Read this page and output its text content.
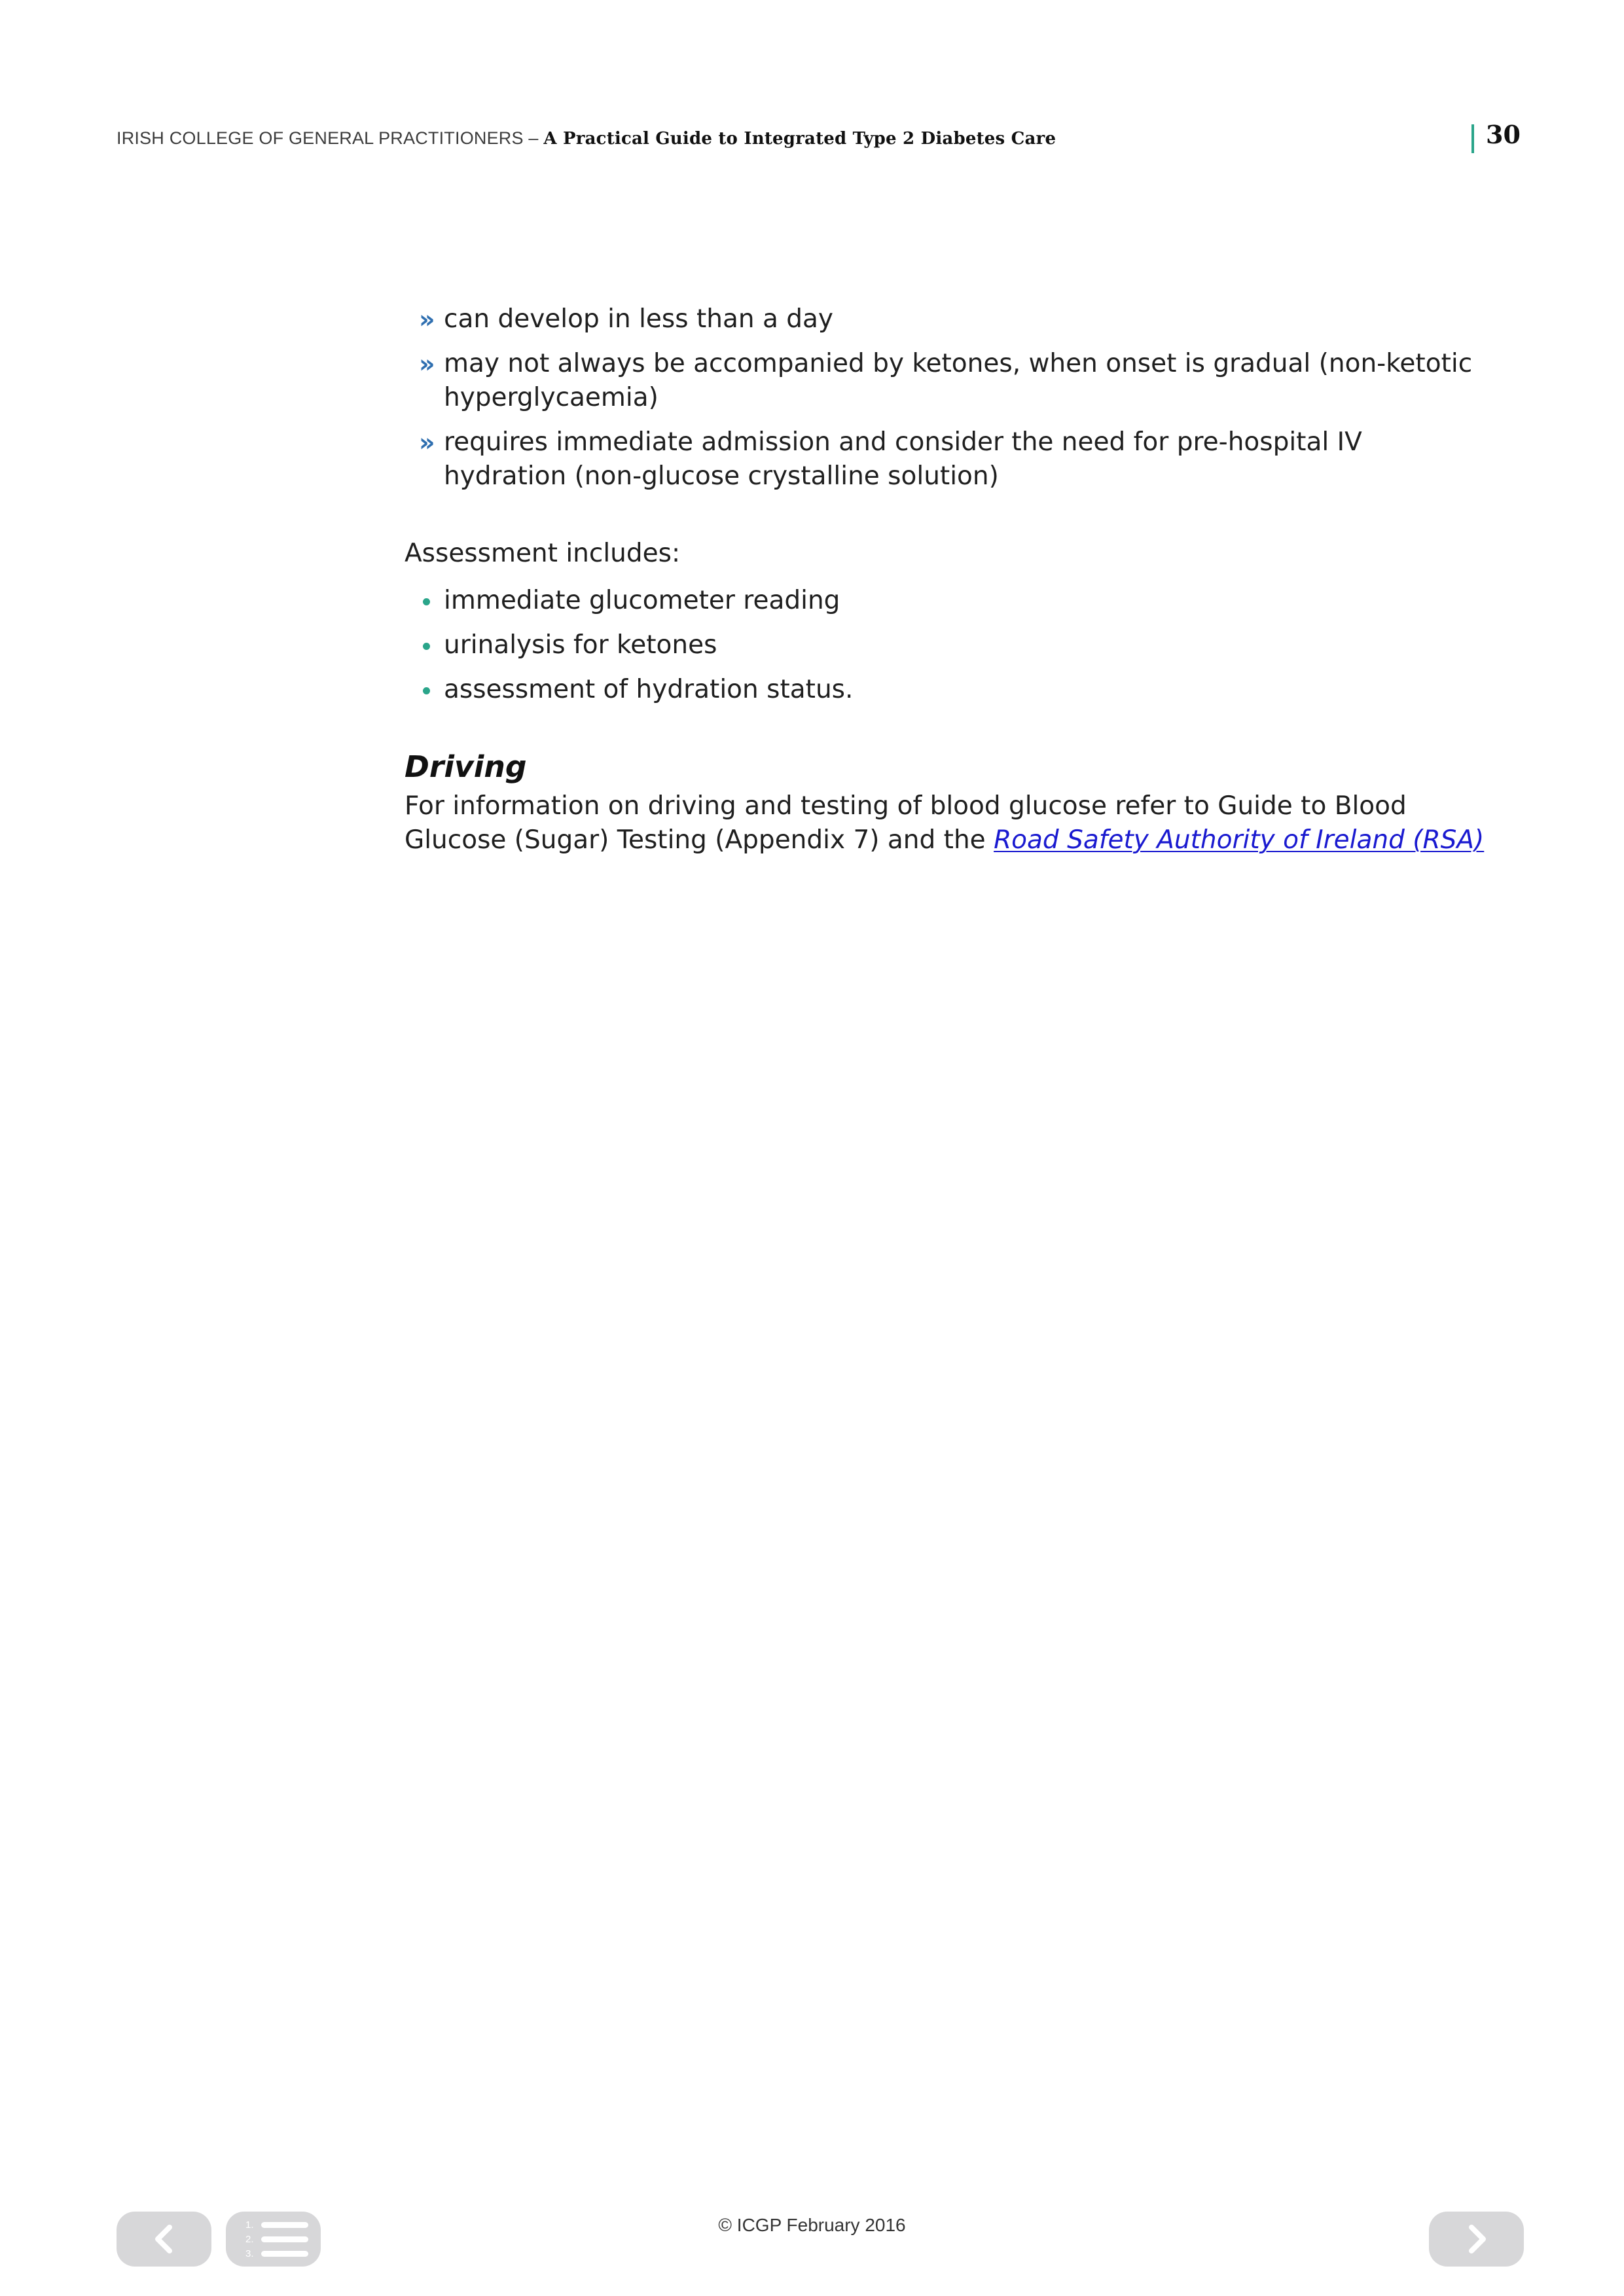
IRISH COLLEGE OF GENERAL PRACTITIONERS – A Practical Guide to Integrated Type 2 Diabetes Care	30
» can develop in less than a day
» may not always be accompanied by ketones, when onset is gradual (non-ketotic hyperglycaemia)
» requires immediate admission and consider the need for pre-hospital IV hydration (non-glucose crystalline solution)

Assessment includes:

immediate glucometer reading
urinalysis for ketones
assessment of hydration status.
Driving

For information on driving and testing of blood glucose refer to Guide to Blood Glucose (Sugar) Testing (Appendix 7) and the Road Safety Authority of Ireland (RSA)

1.
2.
3.
© ICGP February 2016
